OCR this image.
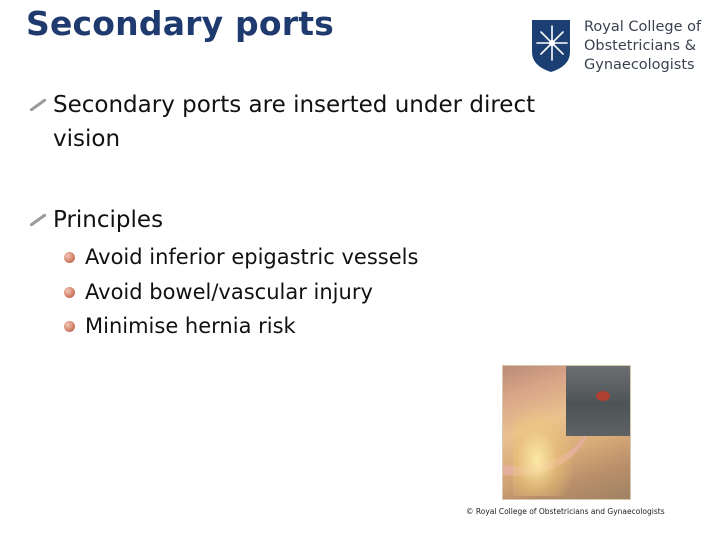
Secondary ports	Royal College of
Obstetricians &
Gynaecologists
Secondary ports are inserted under direct vision
Principles
Avoid inferior epigastric vessels
Avoid bowel/vascular injury
Minimise hernia risk
© Royal College of Obstetricians and Gynaecologists
